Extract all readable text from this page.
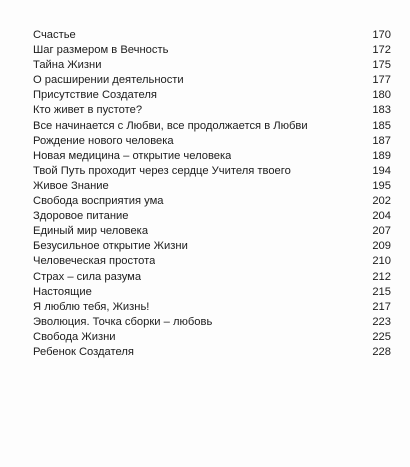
Счастье	170
Шаг размером в Вечность	172
Тайна Жизни	175
О расширении деятельности	177
Присутствие Создателя	180
Кто живет в пустоте?	183
Все начинается с Любви, все продолжается в Любви	185
Рождение нового человека	187
Новая медицина – открытие человека	189
Твой Путь проходит через сердце Учителя твоего	194
Живое Знание	195
Свобода восприятия ума	202
Здоровое питание	204
Единый мир человека	207
Безусильное открытие Жизни	209
Человеческая простота	210
Страх – сила разума	212
Настоящие	215
Я люблю тебя, Жизнь!	217
Эволюция. Точка сборки – любовь	223
Свобода Жизни	225
Ребенок Создателя	228
